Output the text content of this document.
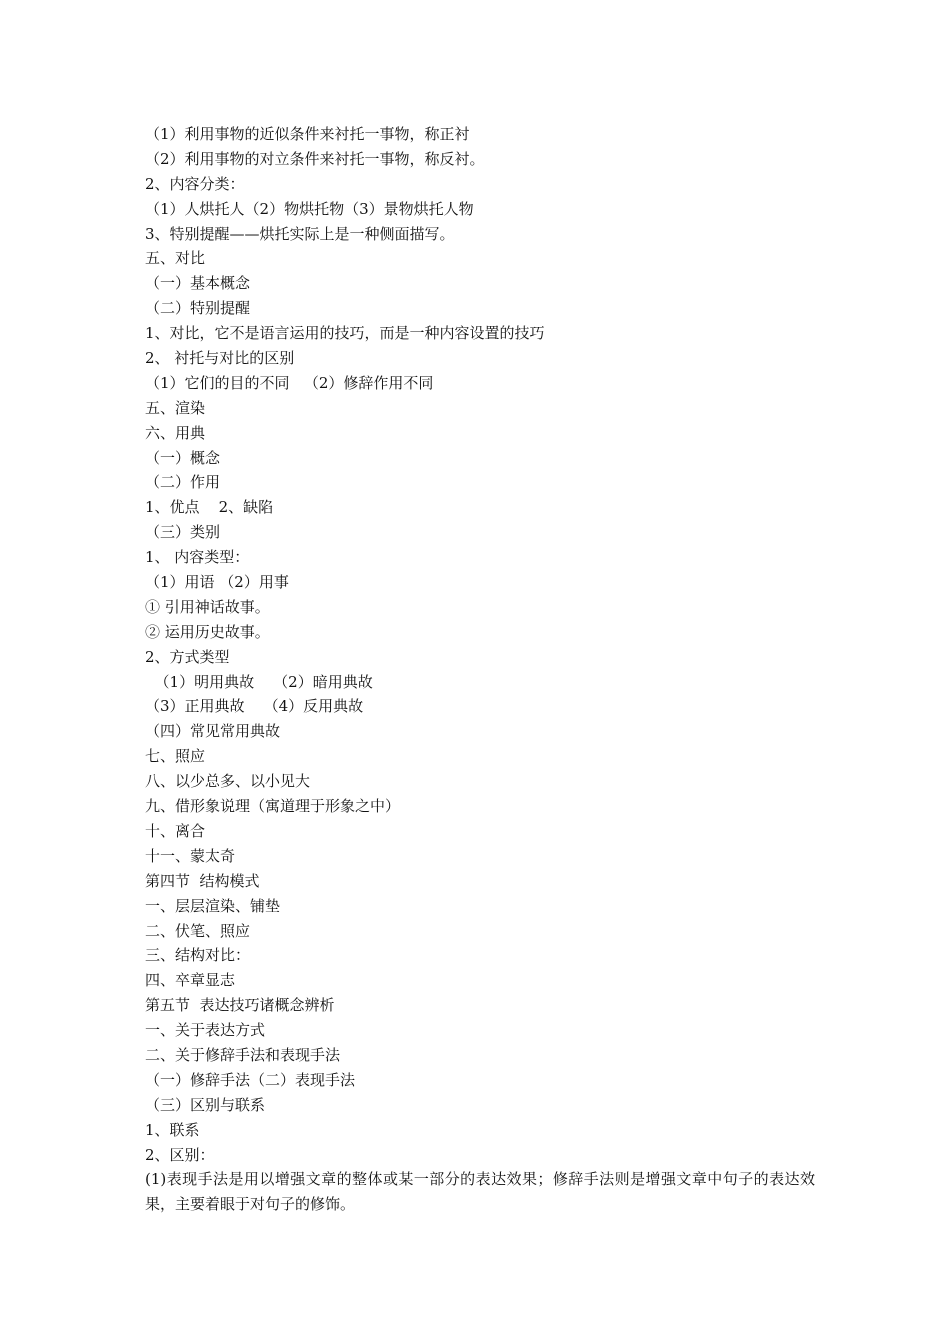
（1）利用事物的近似条件来衬托一事物，称正衬
（2）利用事物的对立条件来衬托一事物，称反衬。
2、内容分类：
（1）人烘托人（2）物烘托物（3）景物烘托人物
3、特别提醒——烘托实际上是一种侧面描写。
五、对比
（一）基本概念
（二）特别提醒
1、对比，它不是语言运用的技巧，而是一种内容设置的技巧
2、 衬托与对比的区别
（1）它们的目的不同   （2）修辞作用不同
五、渲染
六、用典
（一）概念
（二）作用
1、优点    2、缺陷
（三）类别
1、 内容类型：
（1）用语 （2）用事
① 引用神话故事。
② 运用历史故事。
2、方式类型
（1）明用典故    （2）暗用典故
（3）正用典故    （4）反用典故
（四）常见常用典故
七、照应
八、以少总多、以小见大
九、借形象说理（寓道理于形象之中）
十、离合
十一、蒙太奇
第四节  结构模式
一、层层渲染、铺垫
二、伏笔、照应
三、结构对比：
四、卒章显志
第五节  表达技巧诸概念辨析
一、关于表达方式
二、关于修辞手法和表现手法
（一）修辞手法（二）表现手法
（三）区别与联系
1、联系
2、区别：
(1)表现手法是用以增强文章的整体或某一部分的表达效果；修辞手法则是增强文章中句子的表达效果，主要着眼于对句子的修饰。
